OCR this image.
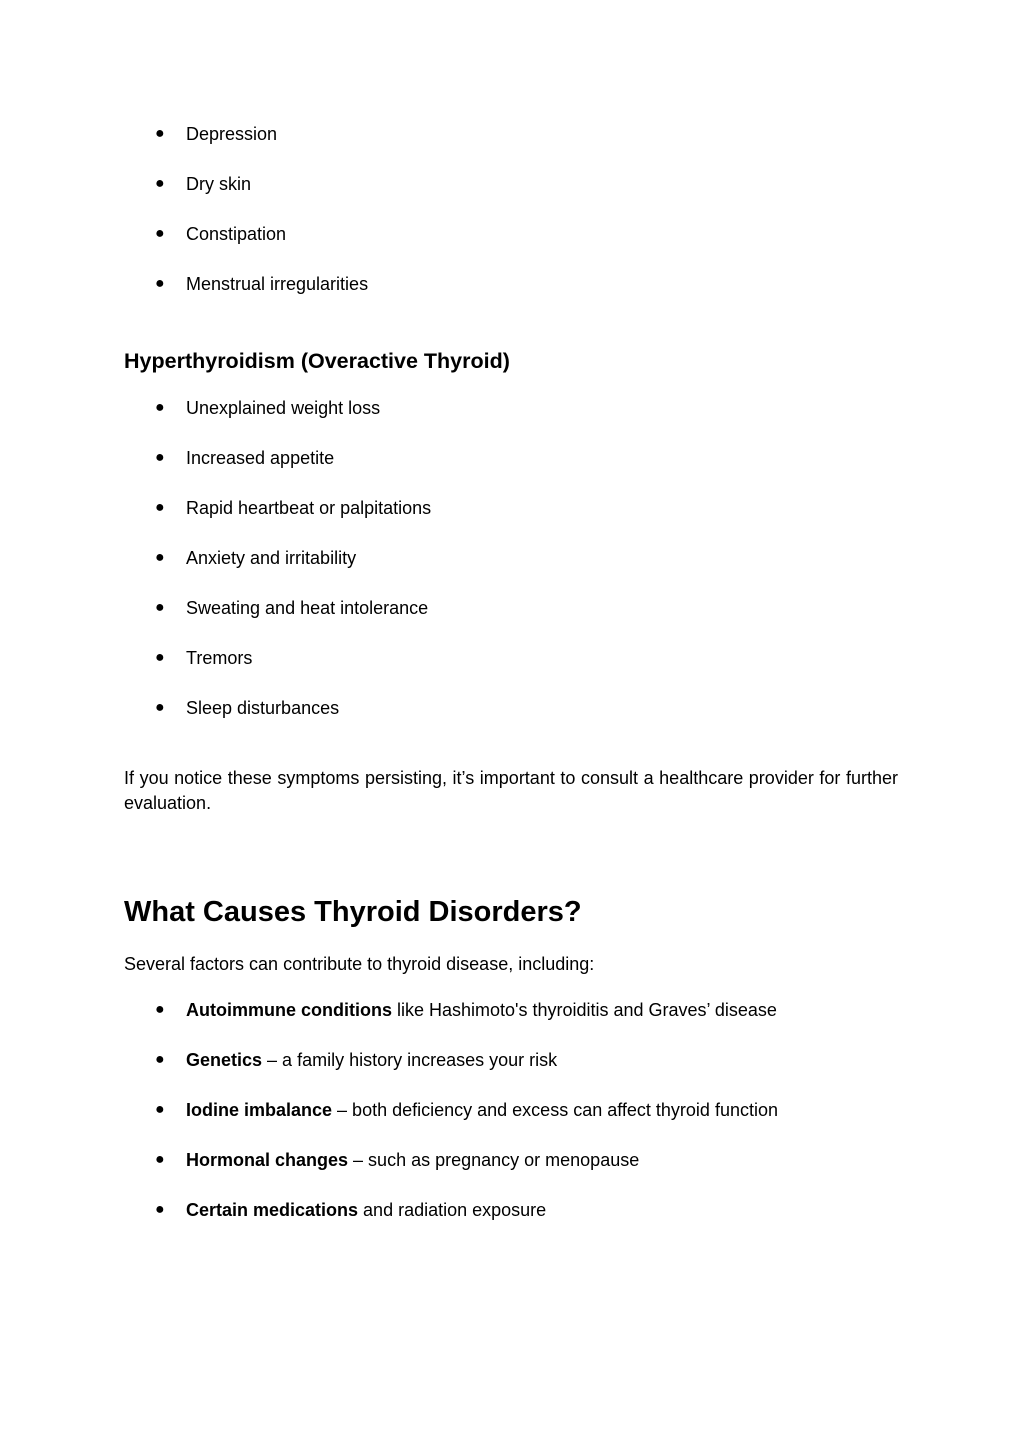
● Depression
● Dry skin
● Constipation
● Menstrual irregularities
Hyperthyroidism (Overactive Thyroid)
● Unexplained weight loss
● Increased appetite
● Rapid heartbeat or palpitations
● Anxiety and irritability
● Sweating and heat intolerance
● Tremors
● Sleep disturbances

If you notice these symptoms persisting, it’s important to consult a healthcare provider for further evaluation.

What Causes Thyroid Disorders?

Several factors can contribute to thyroid disease, including:

● Autoimmune conditions like Hashimoto's thyroiditis and Graves’ disease
● Genetics – a family history increases your risk
● Iodine imbalance – both deficiency and excess can affect thyroid function
● Hormonal changes – such as pregnancy or menopause
● Certain medications and radiation exposure
